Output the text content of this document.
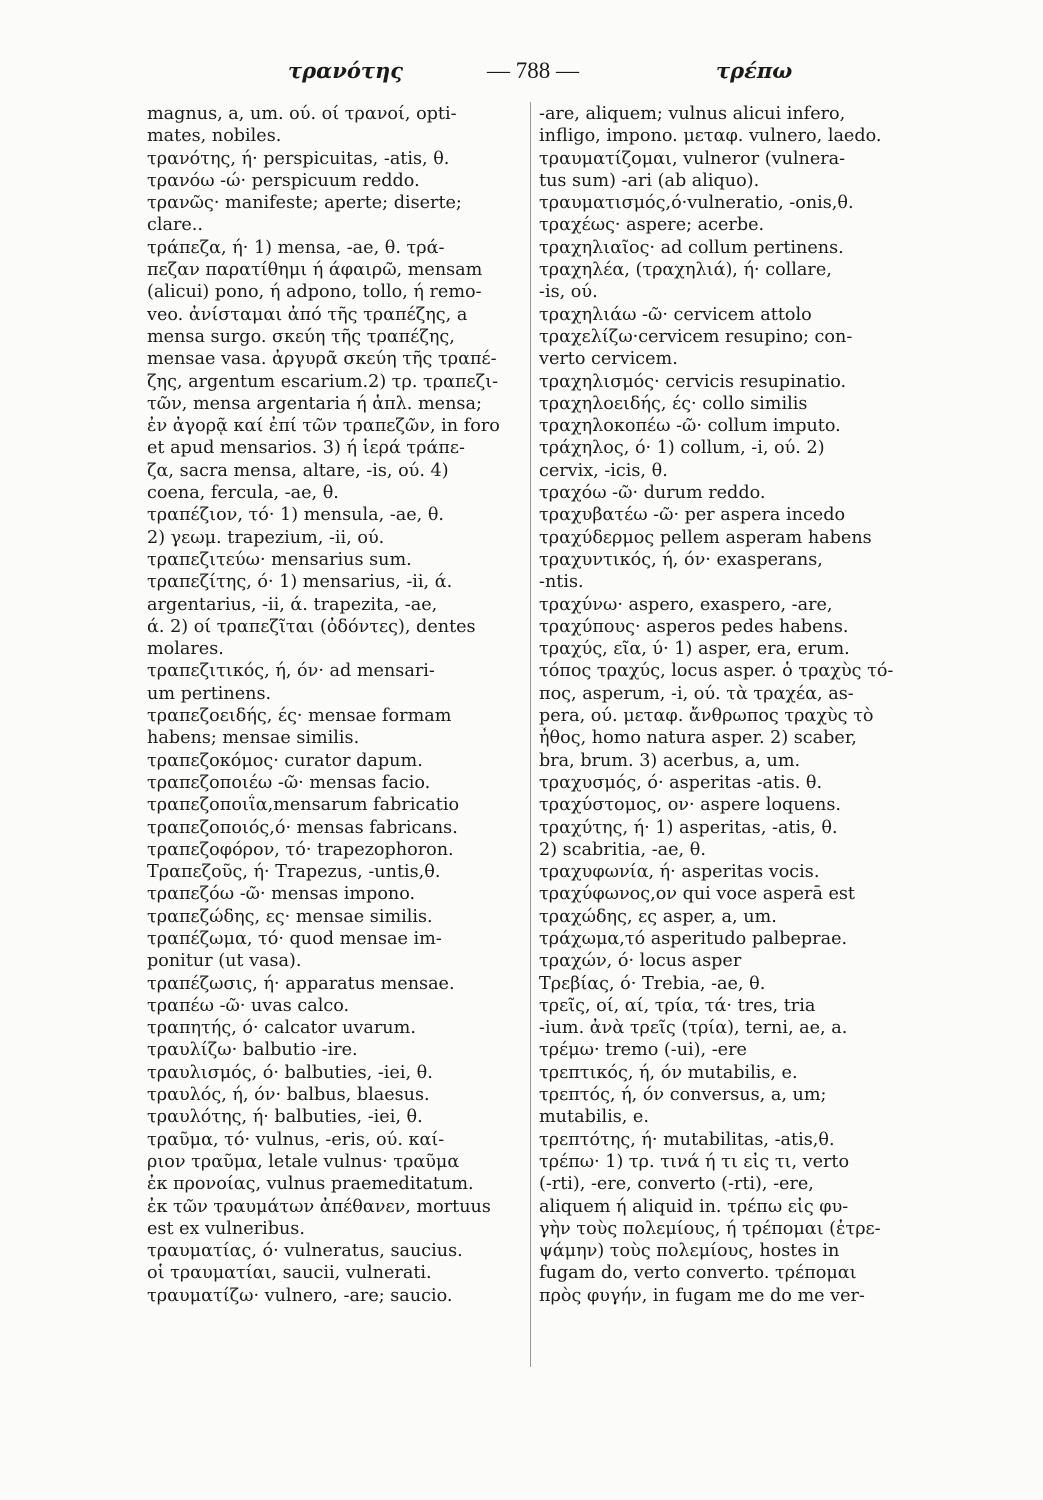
τρανότης	— 788 —	τρέπω
magnus, a, um. ού. οί τρανοί, opti-
mates, nobiles.
τρανότης, ή· perspicuitas, -atis, θ.
τρανόω -ώ· perspicuum reddo.
τρανῶς· manifeste; aperte; diserte;
clare..
τράπεζα, ή· 1) mensa, -ae, θ. τρά-
πεζαν παρατίθημι ή άφαιρῶ, mensam
(alicui) pono, ή adpono, tollo, ή remo-
veo. ἀνίσταμαι ἀπό τῆς τραπέζης, a
mensa surgo. σκεύη τῆς τραπέζης,
mensae vasa. ἀργυρᾶ σκεύη τῆς τραπέ-
ζης, argentum escarium.2) τρ. τραπεζι-
τῶν, mensa argentaria ή ἁπλ. mensa;
ἐν ἀγορᾷ καί ἐπί τῶν τραπεζῶν, in foro
et apud mensarios. 3) ή ἱερά τράπε-
ζα, sacra mensa, altare, -is, ού. 4)
coena, fercula, -ae, θ.
τραπέζιον, τό· 1) mensula, -ae, θ.
2) γεωμ. trapezium, -ii, ού.
τραπεζιτεύω· mensarius sum.
τραπεζίτης, ό· 1) mensarius, -ii, ά.
argentarius, -ii, ά. trapezita, -ae,
ά. 2) οί τραπεζῖται (ὀδόντες), dentes
molares.
τραπεζιτικός, ή, όν· ad mensari-
um pertinens.
τραπεζοειδής, ές· mensae formam
habens; mensae similis.
τραπεζοκόμος· curator dapum.
τραπεζοποιέω -ῶ· mensas facio.
τραπεζοποιΐα,mensarum fabricatio
τραπεζοποιός,ό· mensas fabricans.
τραπεζοφόρον, τό· trapezophoron.
Τραπεζοῦς, ή· Trapezus, -untis,θ.
τραπεζόω -ῶ· mensas impono.
τραπεζώδης, ες· mensae similis.
τραπέζωμα, τό· quod mensae im-
ponitur (ut vasa).
τραπέζωσις, ή· apparatus mensae.
τραπέω -ῶ· uvas calco.
τραπητής, ό· calcator uvarum.
τραυλίζω· balbutio -ire.
τραυλισμός, ό· balbuties, -iei, θ.
τραυλός, ή, όν· balbus, blaesus.
τραυλότης, ή· balbuties, -iei, θ.
τραῦμα, τό· vulnus, -eris, ού. καί-
ριον τραῦμα, letale vulnus· τραῦμα
ἐκ προνοίας, vulnus praemeditatum.
ἐκ τῶν τραυμάτων ἀπέθανεν, mortuus
est ex vulneribus.
τραυματίας, ό· vulneratus, saucius.
οἱ τραυματίαι, saucii, vulnerati.
τραυματίζω· vulnero, -are; saucio.
-are, aliquem; vulnus alicui infero,
infligo, impono. μεταφ. vulnero, laedo.
τραυματίζομαι, vulneror (vulnera-
tus sum) -ari (ab aliquo).
τραυματισμός,ό·vulneratio, -onis,θ.
τραχέως· aspere; acerbe.
τραχηλιαῖος· ad collum pertinens.
τραχηλέα, (τραχηλιά), ή· collare,
-is, ού.
τραχηλιάω -ῶ· cervicem attolo
τραχελίζω·cervicem resupino; con-
verto cervicem.
τραχηλισμός· cervicis resupinatio.
τραχηλοειδής, ές· collo similis
τραχηλοκοπέω -ῶ· collum imputo.
τράχηλος, ό· 1) collum, -i, ού. 2)
cervix, -icis, θ.
τραχόω -ῶ· durum reddo.
τραχυβατέω -ῶ· per aspera incedo
τραχύδερμος pellem asperam habens
τραχυντικός, ή, όν· exasperans,
-ntis.
τραχύνω· aspero, exaspero, -are,
τραχύπους· asperos pedes habens.
τραχύς, εῖα, ύ· 1) asper, era, erum.
τόπος τραχύς, locus asper. ὁ τραχὺς τό-
πος, asperum, -i, ού. τὰ τραχέα, as-
pera, ού. μεταφ. ἄνθρωπος τραχὺς τὸ
ἦθος, homo natura asper. 2) scaber,
bra, brum. 3) acerbus, a, um.
τραχυσμός, ό· asperitas -atis. θ.
τραχύστομος, ον· aspere loquens.
τραχύτης, ή· 1) asperitas, -atis, θ.
2) scabritia, -ae, θ.
τραχυφωνία, ή· asperitas vocis.
τραχύφωνος,ον qui voce asperā est
τραχώδης, ες asper, a, um.
τράχωμα,τό asperitudo palbeprae.
τραχών, ό· locus asper
Τρεβίας, ό· Trebia, -ae, θ.
τρεῖς, οί, αί, τρία, τά· tres, tria
-ium. ἀνὰ τρεῖς (τρία), terni, ae, a.
τρέμω· tremo (-ui), -ere
τρεπτικός, ή, όν mutabilis, e.
τρεπτός, ή, όν conversus, a, um;
mutabilis, e.
τρεπτότης, ή· mutabilitas, -atis,θ.
τρέπω· 1) τρ. τινά ή τι εἰς τι, verto
(-rti), -ere, converto (-rti), -ere,
aliquem ή aliquid in. τρέπω εἰς φυ-
γὴν τοὺς πολεμίους, ή τρέπομαι (ἐτρε-
ψάμην) τοὺς πολεμίους, hostes in
fugam do, verto converto. τρέπομαι
πρὸς φυγήν, in fugam me do me ver-
